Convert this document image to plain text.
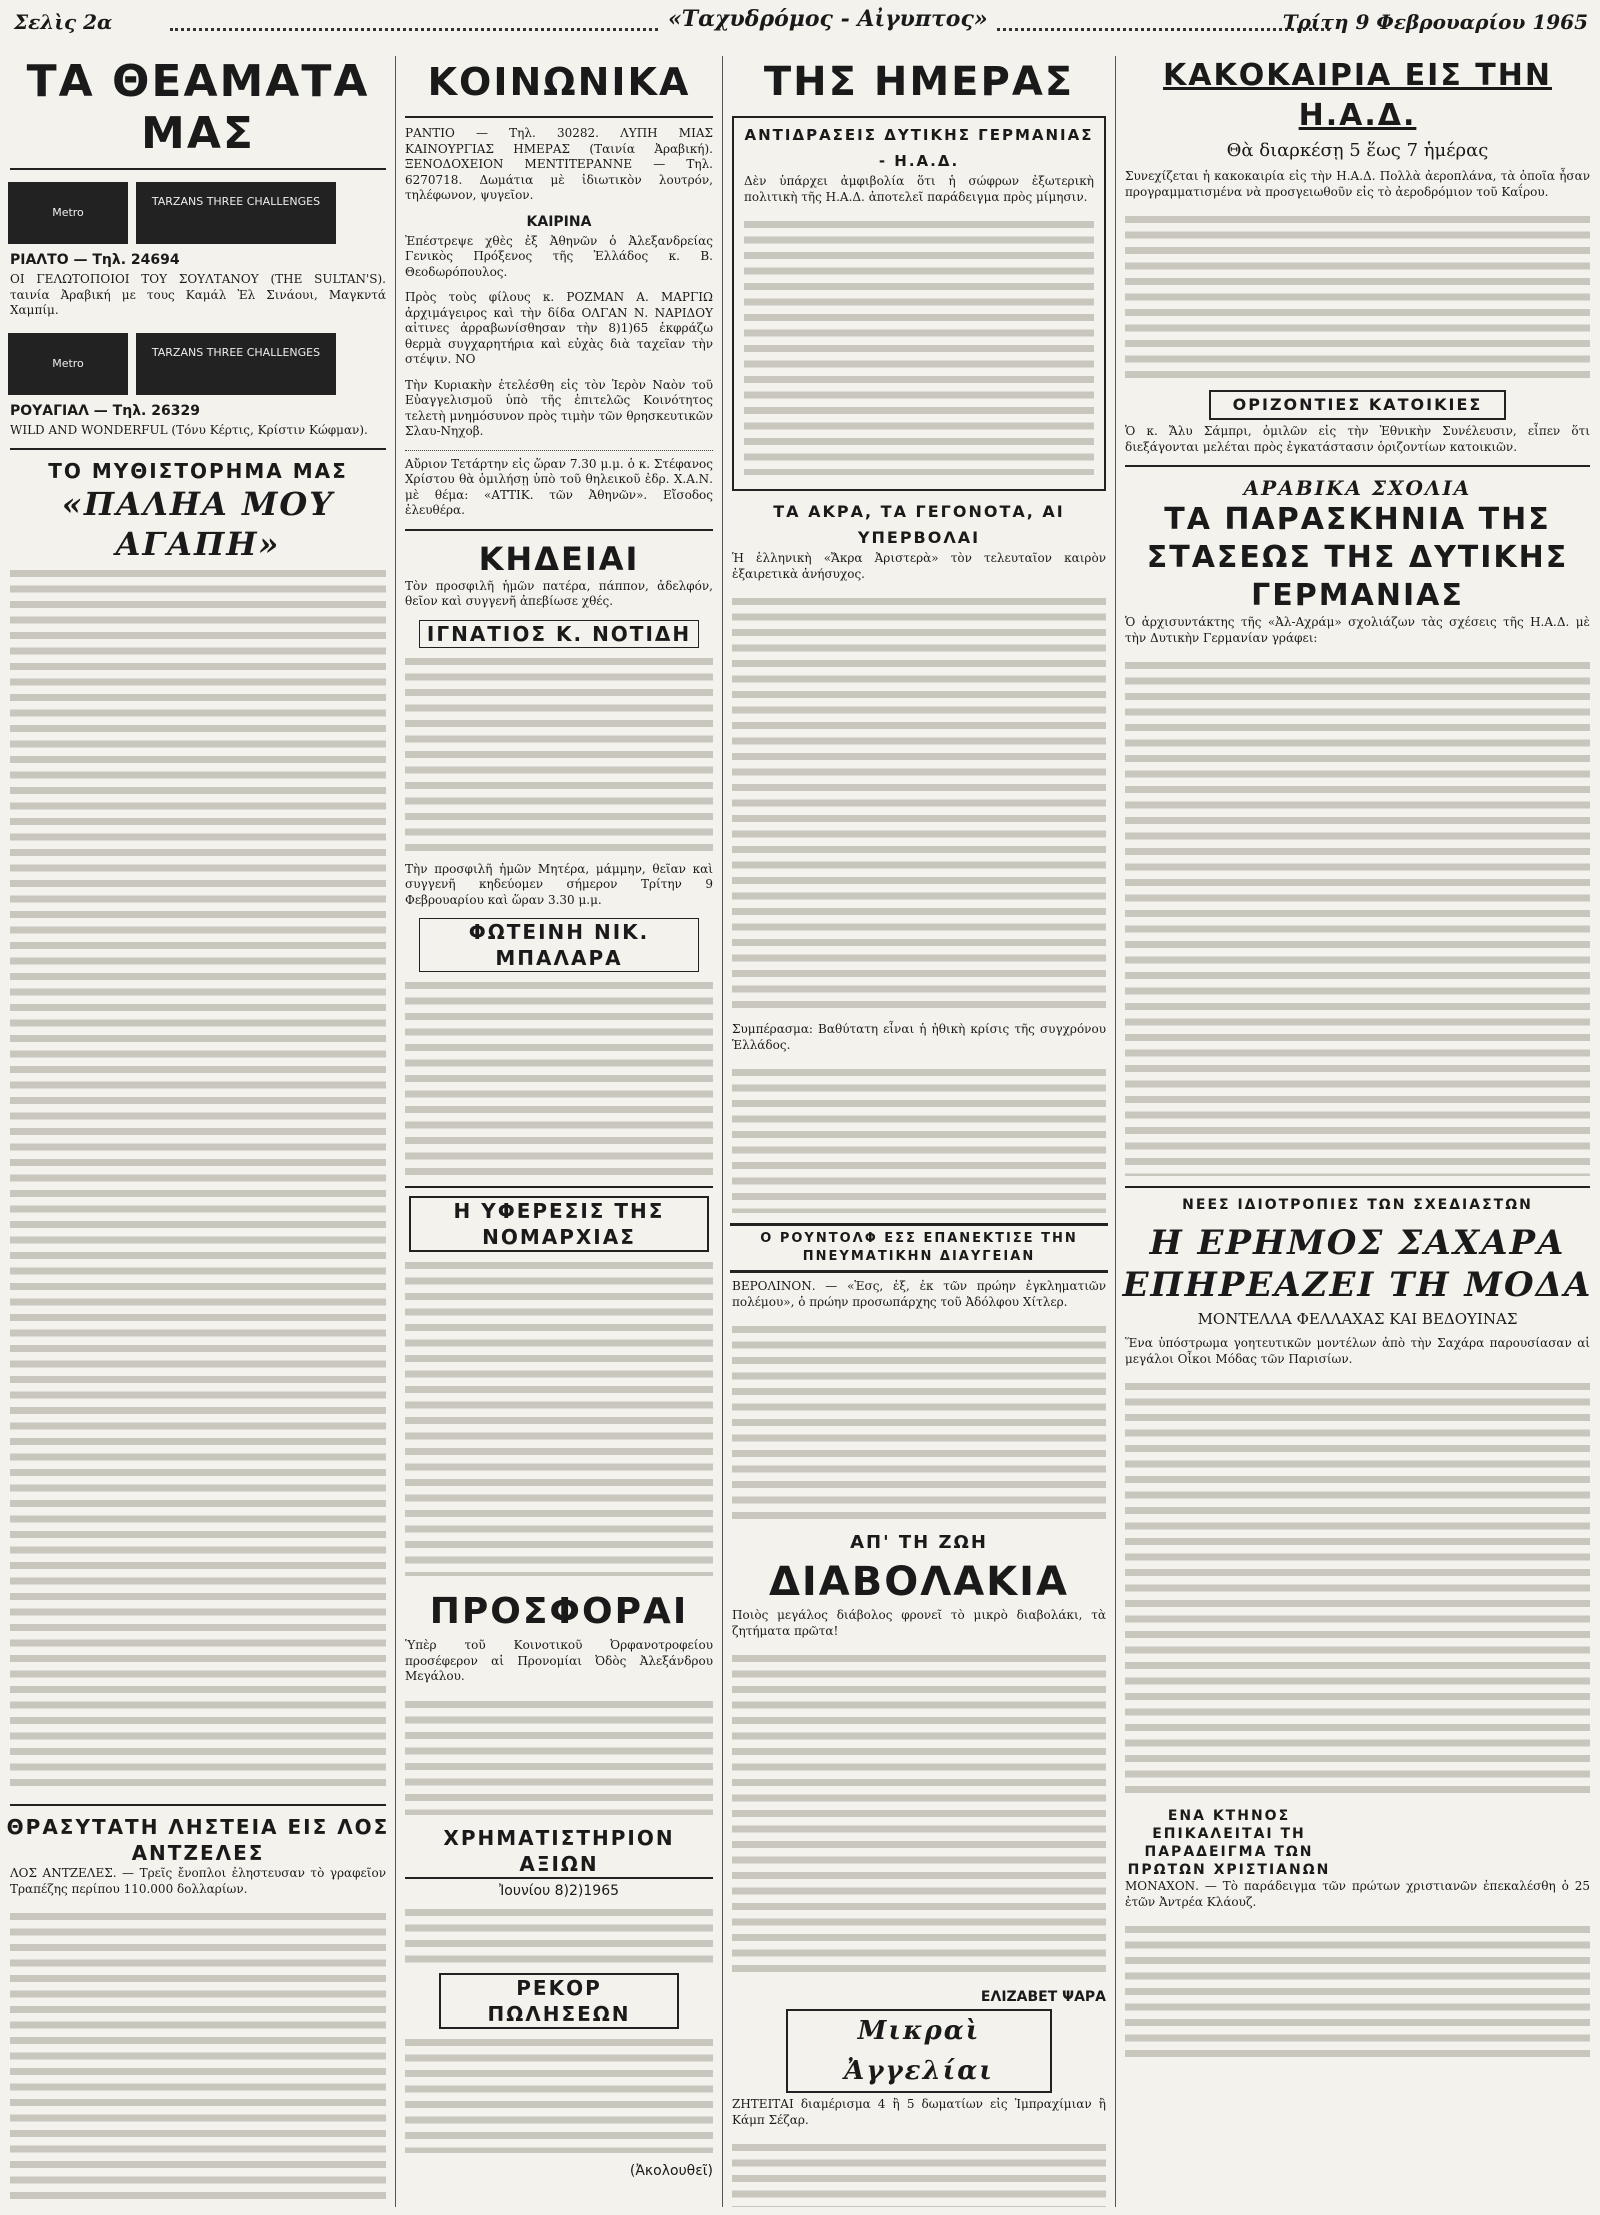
Σελὶς 2α	«Ταχυδρόμος - Αἰγυπτος»	Τρίτη 9 Φεβρουαρίου 1965
ΤΑ ΘΕΑΜΑΤΑ ΜΑΣ
Metro
TARZANS THREE CHALLENGES
ΡΙΑΛΤΟ — Τηλ. 24694
ΟΙ ΓΕΛΩΤΟΠΟΙΟΙ ΤΟΥ ΣΟΥΛΤΑΝΟΥ (THE SULTAN'S). ταινία Ἀραβική με τους Καμάλ Ἐλ Σινάουι, Μαγκντά Χαμπίμ.
Metro
TARZANS THREE CHALLENGES
ΡΟΥΑΓΙΑΛ — Τηλ. 26329
WILD AND WONDERFUL (Τόνυ Κέρτις, Κρίστιν Κώφμαν).
ΤΟ ΜΥΘΙΣΤΟΡΗΜΑ ΜΑΣ
«ΠΑΛΗΑ ΜΟΥ ΑΓΑΠΗ»
ΘΡΑΣΥΤΑΤΗ ΛΗΣΤΕΙΑ ΕΙΣ ΛΟΣ ΑΝΤΖΕΛΕΣ
ΛΟΣ ΑΝΤΖΕΛΕΣ. — Τρεῖς ἔνοπλοι ἐληστευσαν τὸ γραφεῖον Τραπέζης περίπου 110.000 δολλαρίων.
ΚΟΙΝΩΝΙΚΑ
ΡΑΝΤΙΟ — Τηλ. 30282. ΛΥΠΗ ΜΙΑΣ ΚΑΙΝΟΥΡΓΙΑΣ ΗΜΕΡΑΣ (Ταινία Ἀραβική). ΞΕΝΟΔΟΧΕΙΟΝ ΜΕΝΤΙΤΕΡΑΝΝΕ — Τηλ. 6270718. Δωμάτια μὲ ἰδιωτικὸν λουτρόν, τηλέφωνον, ψυγεῖον.
ΚΑΙΡΙΝΑ
Ἐπέστρεψε χθὲς ἐξ Ἀθηνῶν ὁ Ἀλεξανδρείας Γενικὸς Πρόξενος τῆς Ἑλλάδος κ. Β. Θεοδωρόπουλος.
Πρὸς τοὺς φίλους κ. ΡΟΖΜΑΝ Α. ΜΑΡΓΙΩ ἀρχιμάγειρος καὶ τὴν δίδα ΟΛΓΑΝ Ν. ΝΑΡΙΔΟΥ αἰτινες ἀρραβωνίσθησαν τὴν 8)1)65 ἐκφράζω θερμὰ συγχαρητήρια καὶ εὐχὰς διὰ ταχεῖαν τὴν στέψιν. ΝΟ
Τὴν Κυριακὴν ἐτελέσθη εἰς τὸν Ἱερὸν Ναὸν τοῦ Εὐαγγελισμοῦ ὑπὸ τῆς ἐπιτελῶς Κοινότητος τελετὴ μνημόσυνον πρὸς τιμὴν τῶν θρησκευτικῶν Σλαυ-Νηχοβ.
Αὔριον Τετάρτην εἰς ὥραν 7.30 μ.μ. ὁ κ. Στέφανος Χρίστου θὰ ὁμιλήσῃ ὑπὸ τοῦ θηλεικοῦ ἐδρ. Χ.Α.Ν. μὲ θέμα: «ΑΤΤΙΚ. τῶν Ἀθηνῶν». Εἴσοδος ἐλευθέρα.
ΚΗΔΕΙΑΙ
Τὸν προσφιλῆ ἡμῶν πατέρα, πάππον, ἀδελφόν, θεῖον καὶ συγγενῆ ἀπεβίωσε χθές.
ΙΓΝΑΤΙΟΣ Κ. ΝΟΤΙΔΗ
Τὴν προσφιλῆ ἡμῶν Μητέρα, μάμμην, θεῖαν καὶ συγγενῆ κηδεύομεν σήμερον Τρίτην 9 Φεβρουαρίου καὶ ὥραν 3.30 μ.μ.
ΦΩΤΕΙΝΗ ΝΙΚ. ΜΠΑΛΑΡΑ
Η ΥΦΕΡΕΣΙΣ ΤΗΣ ΝΟΜΑΡΧΙΑΣ
ΠΡΟΣΦΟΡΑΙ
Ὑπὲρ τοῦ Κοινοτικοῦ Ὀρφανοτροφείου προσέφερον αἱ Προνομίαι Ὀδὸς Ἀλεξάνδρου Μεγάλου.
ΧΡΗΜΑΤΙΣΤΗΡΙΟΝ ΑΞΙΩΝ
Ἰουνίου 8)2)1965
ΡΕΚΟΡ ΠΩΛΗΣΕΩΝ
(Ἀκολουθεῖ)
ΤΗΣ ΗΜΕΡΑΣ
ΑΝΤΙΔΡΑΣΕΙΣ ΔΥΤΙΚΗΣ ΓΕΡΜΑΝΙΑΣ - Η.Α.Δ.
Δὲν ὑπάρχει ἀμφιβολία ὅτι ἡ σώφρων ἐξωτερικὴ πολιτικὴ τῆς Η.Α.Δ. ἀποτελεῖ παράδειγμα πρὸς μίμησιν.
ΤΑ ΑΚΡΑ, ΤΑ ΓΕΓΟΝΟΤΑ, ΑΙ ΥΠΕΡΒΟΛΑΙ
Ἡ ἑλληνικὴ «Ἄκρα Ἀριστερὰ» τὸν τελευταῖον καιρὸν ἐξαιρετικὰ ἀνήσυχος.
Συμπέρασμα: Βαθύτατη εἶναι ἡ ἠθικὴ κρίσις τῆς συγχρόνου Ἑλλάδος.
Ο ΡΟΥΝΤΟΛΦ ΕΣΣ ΕΠΑΝΕΚΤΙΣΕ ΤΗΝ ΠΝΕΥΜΑΤΙΚΗΝ ΔΙΑΥΓΕΙΑΝ
ΒΕΡΟΛΙΝΟΝ. — «Ἑσς, ἐξ, ἐκ τῶν πρώην ἐγκληματιῶν πολέμου», ὁ πρώην προσωπάρχης τοῦ Ἀδόλφου Χίτλερ.
ΑΠ' ΤΗ ΖΩΗ
ΔΙΑΒΟΛΑΚΙΑ
Ποιὸς μεγάλος διάβολος φρονεῖ τὸ μικρὸ διαβολάκι, τὰ ζητήματα πρῶτα!
ΕΛΙΖΑΒΕΤ ΨΑΡΑ
Μικραὶ Ἀγγελίαι
ΖΗΤΕΙΤΑΙ διαμέρισμα 4 ἢ 5 δωματίων εἰς Ἰμπραχίμιαν ἢ Κάμπ Σέζαρ.
ΚΑΚΟΚΑΙΡΙΑ ΕΙΣ ΤΗΝ Η.Α.Δ.
Θὰ διαρκέσῃ 5 ἕως 7 ἡμέρας
Συνεχίζεται ἡ κακοκαιρία εἰς τὴν Η.Α.Δ. Πολλὰ ἀεροπλάνα, τὰ ὁποῖα ἦσαν προγραμματισμένα νὰ προσγειωθοῦν εἰς τὸ ἀεροδρόμιον τοῦ Καΐρου.
ΟΡΙΖΟΝΤΙΕΣ ΚΑΤΟΙΚΙΕΣ
Ὁ κ. Ἄλυ Σάμπρι, ὁμιλῶν εἰς τὴν Ἐθνικὴν Συνέλευσιν, εἶπεν ὅτι διεξάγονται μελέται πρὸς ἐγκατάστασιν ὁριζοντίων κατοικιῶν.
ΑΡΑΒΙΚΑ ΣΧΟΛΙΑ
ΤΑ ΠΑΡΑΣΚΗΝΙΑ ΤΗΣ ΣΤΑΣΕΩΣ ΤΗΣ ΔΥΤΙΚΗΣ ΓΕΡΜΑΝΙΑΣ
Ὁ ἀρχισυντάκτης τῆς «Ἀλ-Αχράμ» σχολιάζων τὰς σχέσεις τῆς Η.Α.Δ. μὲ τὴν Δυτικὴν Γερμανίαν γράφει:
ΝΕΕΣ ΙΔΙΟΤΡΟΠΙΕΣ ΤΩΝ ΣΧΕΔΙΑΣΤΩΝ
Η ΕΡΗΜΟΣ ΣΑΧΑΡΑ ΕΠΗΡΕΑΖΕΙ ΤΗ ΜΟΔΑ
ΜΟΝΤΕΛΛΑ ΦΕΛΛΑΧΑΣ ΚΑΙ ΒΕΔΟΥΙΝΑΣ
Ἕνα ὑπόστρωμα γοητευτικῶν μοντέλων ἀπὸ τὴν Σαχάρα παρουσίασαν αἱ μεγάλοι Οἶκοι Μόδας τῶν Παρισίων.
ΕΝΑ ΚΤΗΝΟΣ ΕΠΙΚΑΛΕΙΤΑΙ ΤΗ ΠΑΡΑΔΕΙΓΜΑ ΤΩΝ ΠΡΩΤΩΝ ΧΡΙΣΤΙΑΝΩΝ
ΜΟΝΑΧΟΝ. — Τὸ παράδειγμα τῶν πρώτων χριστιανῶν ἐπεκαλέσθη ὁ 25 ἐτῶν Ἀντρέα Κλάουζ.
